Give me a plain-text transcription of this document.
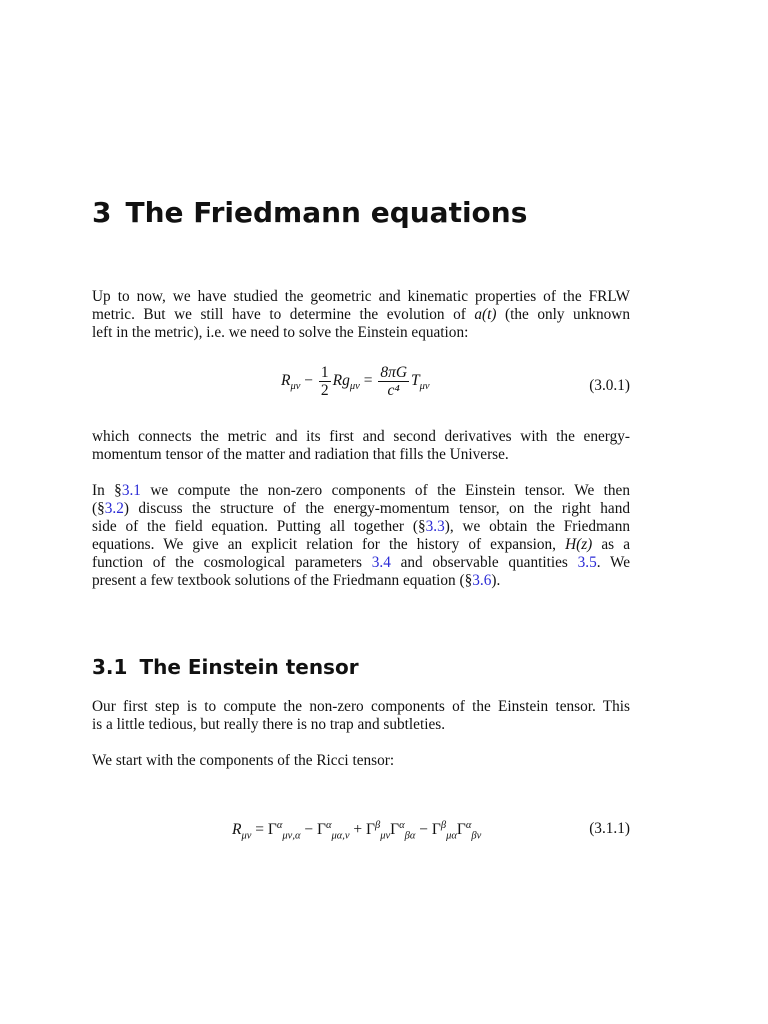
3 The Friedmann equations

Up to now, we have studied the geometric and kinematic properties of the FRLW
metric. But we still have to determine the evolution of a(t) (the only unknown
left in the metric), i.e. we need to solve the Einstein equation:

$R_{\mu\nu} - \frac{1}{2} Rg_{\mu\nu} = \frac{8\pi G}{\text{c⁴}} T_{\mu\nu}$	(3.0.1)

which connects the metric and its first and second derivatives with the energy-
momentum tensor of the matter and radiation that fills the Universe.

In §3.1 we compute the non-zero components of the Einstein tensor. We then
(§3.2) discuss the structure of the energy-momentum tensor, on the right hand
side of the field equation. Putting all together (§3.3), we obtain the Friedmann
equations. We give an explicit relation for the history of expansion, H(z) as a
function of the cosmological parameters 3.4 and observable quantities 3.5. We
present a few textbook solutions of the Friedmann equation (§3.6).

3.1 The Einstein tensor

Our first step is to compute the non-zero components of the Einstein tensor. This
is a little tedious, but really there is no trap and subtleties.

We start with the components of the Ricci tensor:

$R_{\mu\nu} = \Gamma^\alpha_{\mu\nu,\alpha} - \Gamma^\alpha_{\mu\alpha,\nu} + \Gamma^\beta_{\mu\nu}\Gamma^\alpha_{\beta\alpha} - \Gamma^\beta_{\mu\alpha}\Gamma^\alpha_{\beta\nu}$	(3.1.1)
